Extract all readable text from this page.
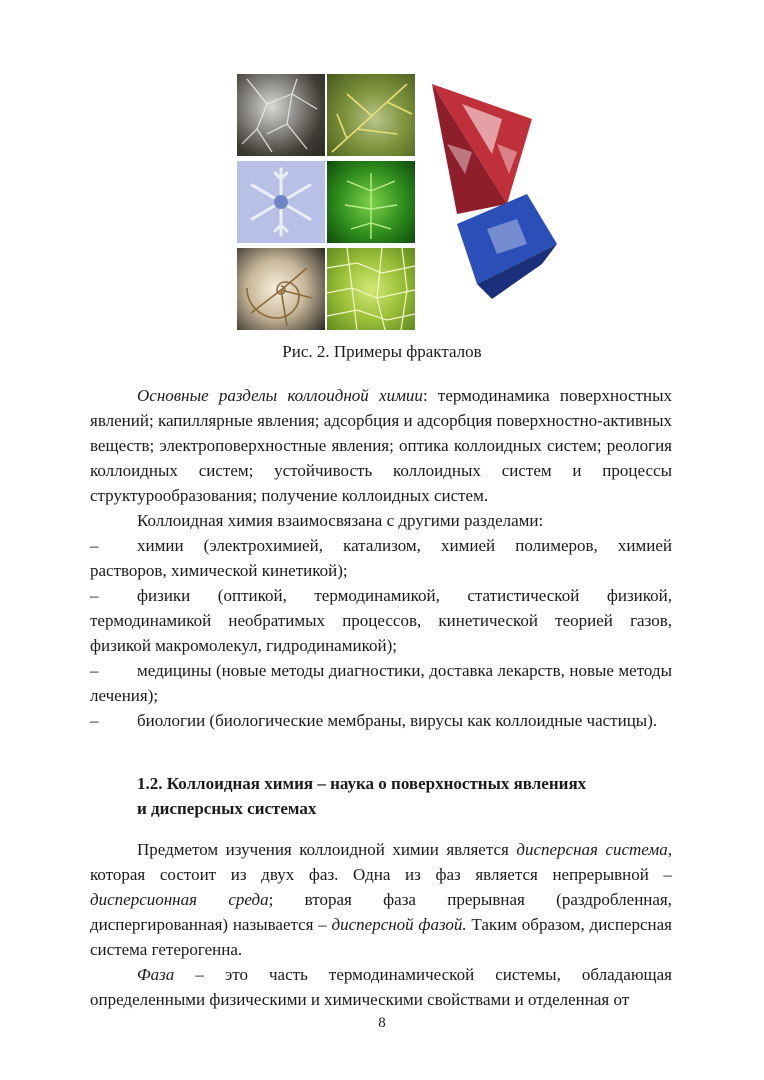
Рис. 2. Примеры фракталов

Основные разделы коллоидной химии: термодинамика поверхностных явлений; капиллярные явления; адсорбция и адсорбция поверхностно-активных веществ; электроповерхностные явления; оптика коллоидных систем; реология коллоидных систем; устойчивость коллоидных систем и процессы структурообразования; получение коллоидных систем.

Коллоидная химия взаимосвязана с другими разделами:

– химии (электрохимией, катализом, химией полимеров, химией растворов, химической кинетикой);

– физики (оптикой, термодинамикой, статистической физикой, термодинамикой необратимых процессов, кинетической теорией газов, физикой макромолекул, гидродинамикой);

– медицины (новые методы диагностики, доставка лекарств, новые методы лечения);

– биологии (биологические мембраны, вирусы как коллоидные частицы).

1.2. Коллоидная химия – наука о поверхностных явлениях
и дисперсных системах

Предметом изучения коллоидной химии является дисперсная система, которая состоит из двух фаз. Одна из фаз является непрерывной – дисперсионная среда; вторая фаза прерывная (раздробленная, диспергированная) называется – дисперсной фазой. Таким образом, дисперсная система гетерогенна.

Фаза – это часть термодинамической системы, обладающая определенными физическими и химическими свойствами и отделенная от

8
